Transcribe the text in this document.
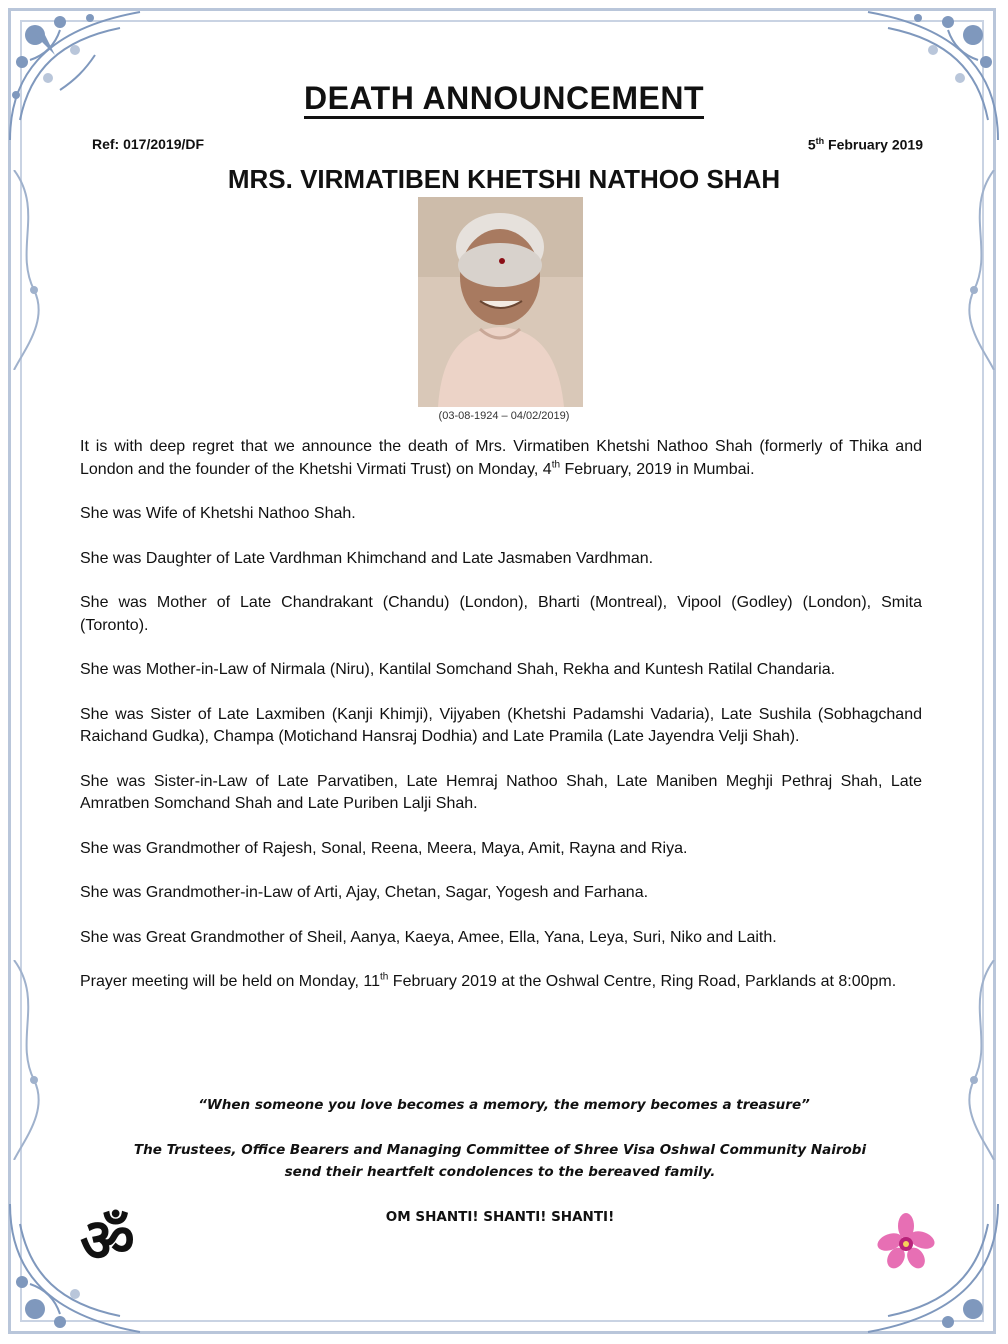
DEATH ANNOUNCEMENT
Ref: 017/2019/DF	5th February 2019
MRS. VIRMATIBEN KHETSHI NATHOO SHAH
(03-08-1924 – 04/02/2019)

It is with deep regret that we announce the death of Mrs. Virmatiben Khetshi Nathoo Shah (formerly of Thika and London and the founder of the Khetshi Virmati Trust) on Monday, 4th February, 2019 in Mumbai.

She was Wife of Khetshi Nathoo Shah.

She was Daughter of Late Vardhman Khimchand and Late Jasmaben Vardhman.

She was Mother of Late Chandrakant (Chandu) (London), Bharti (Montreal), Vipool (Godley) (London), Smita (Toronto).

She was Mother-in-Law of Nirmala (Niru), Kantilal Somchand Shah, Rekha and Kuntesh Ratilal Chandaria.

She was Sister of Late Laxmiben (Kanji Khimji), Vijyaben (Khetshi Padamshi Vadaria), Late Sushila (Sobhagchand Raichand Gudka), Champa (Motichand Hansraj Dodhia) and Late Pramila (Late Jayendra Velji Shah).

She was Sister-in-Law of Late Parvatiben, Late Hemraj Nathoo Shah, Late Maniben Meghji Pethraj Shah, Late Amratben Somchand Shah and Late Puriben Lalji Shah.

She was Grandmother of Rajesh, Sonal, Reena, Meera, Maya, Amit, Rayna and Riya.

She was Grandmother-in-Law of Arti, Ajay, Chetan, Sagar, Yogesh and Farhana.

She was Great Grandmother of Sheil, Aanya, Kaeya, Amee, Ella, Yana, Leya, Suri, Niko and Laith.

Prayer meeting will be held on Monday, 11th February 2019 at the Oshwal Centre, Ring Road, Parklands at 8:00pm.

“When someone you love becomes a memory, the memory becomes a treasure”
The Trustees, Office Bearers and Managing Committee of Shree Visa Oshwal Community Nairobi
send their heartfelt condolences to the bereaved family.
OM SHANTI! SHANTI! SHANTI!
ॐ
